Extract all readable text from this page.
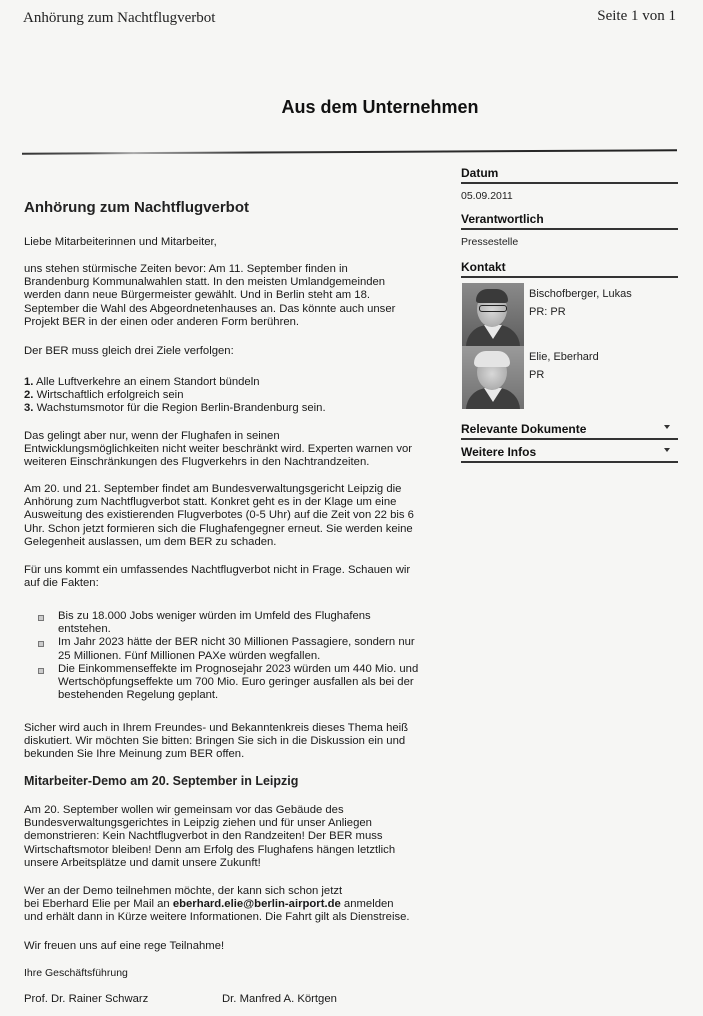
Anhörung zum Nachtflugverbot	Seite 1 von 1
Aus dem Unternehmen
Anhörung zum Nachtflugverbot

Liebe Mitarbeiterinnen und Mitarbeiter,

uns stehen stürmische Zeiten bevor: Am 11. September finden in
Brandenburg Kommunalwahlen statt. In den meisten Umlandgemeinden
werden dann neue Bürgermeister gewählt. Und in Berlin steht am 18.
September die Wahl des Abgeordnetenhauses an. Das könnte auch unser
Projekt BER in der einen oder anderen Form berühren.

Der BER muss gleich drei Ziele verfolgen:

1. Alle Luftverkehre an einem Standort bündeln
2. Wirtschaftlich erfolgreich sein
3. Wachstumsmotor für die Region Berlin-Brandenburg sein.

Das gelingt aber nur, wenn der Flughafen in seinen
Entwicklungsmöglichkeiten nicht weiter beschränkt wird. Experten warnen vor
weiteren Einschränkungen des Flugverkehrs in den Nachtrandzeiten.

Am 20. und 21. September findet am Bundesverwaltungsgericht Leipzig die
Anhörung zum Nachtflugverbot statt. Konkret geht es in der Klage um eine
Ausweitung des existierenden Flugverbotes (0-5 Uhr) auf die Zeit von 22 bis 6
Uhr. Schon jetzt formieren sich die Flughafengegner erneut. Sie werden keine
Gelegenheit auslassen, um dem BER zu schaden.

Für uns kommt ein umfassendes Nachtflugverbot nicht in Frage. Schauen wir
auf die Fakten:

Bis zu 18.000 Jobs weniger würden im Umfeld des Flughafens
entstehen.
Im Jahr 2023 hätte der BER nicht 30 Millionen Passagiere, sondern nur
25 Millionen. Fünf Millionen PAXe würden wegfallen.
Die Einkommenseffekte im Prognosejahr 2023 würden um 440 Mio. und
Wertschöpfungseffekte um 700 Mio. Euro geringer ausfallen als bei der
bestehenden Regelung geplant.

Sicher wird auch in Ihrem Freundes- und Bekanntenkreis dieses Thema heiß
diskutiert. Wir möchten Sie bitten: Bringen Sie sich in die Diskussion ein und
bekunden Sie Ihre Meinung zum BER offen.

Mitarbeiter-Demo am 20. September in Leipzig

Am 20. September wollen wir gemeinsam vor das Gebäude des
Bundesverwaltungsgerichtes in Leipzig ziehen und für unser Anliegen
demonstrieren: Kein Nachtflugverbot in den Randzeiten! Der BER muss
Wirtschaftsmotor bleiben! Denn am Erfolg des Flughafens hängen letztlich
unsere Arbeitsplätze und damit unsere Zukunft!

Wer an der Demo teilnehmen möchte, der kann sich schon jetzt
bei Eberhard Elie per Mail an eberhard.elie@berlin-airport.de anmelden
und erhält dann in Kürze weitere Informationen. Die Fahrt gilt als Dienstreise.

Wir freuen uns auf eine rege Teilnahme!

Ihre Geschäftsführung

Prof. Dr. Rainer Schwarz	Dr. Manfred A. Körtgen
Datum
05.09.2011
Verantwortlich
Pressestelle
Kontakt
Bischofberger, Lukas
PR: PR
Elie, Eberhard
PR
Relevante Dokumente
Weitere Infos
